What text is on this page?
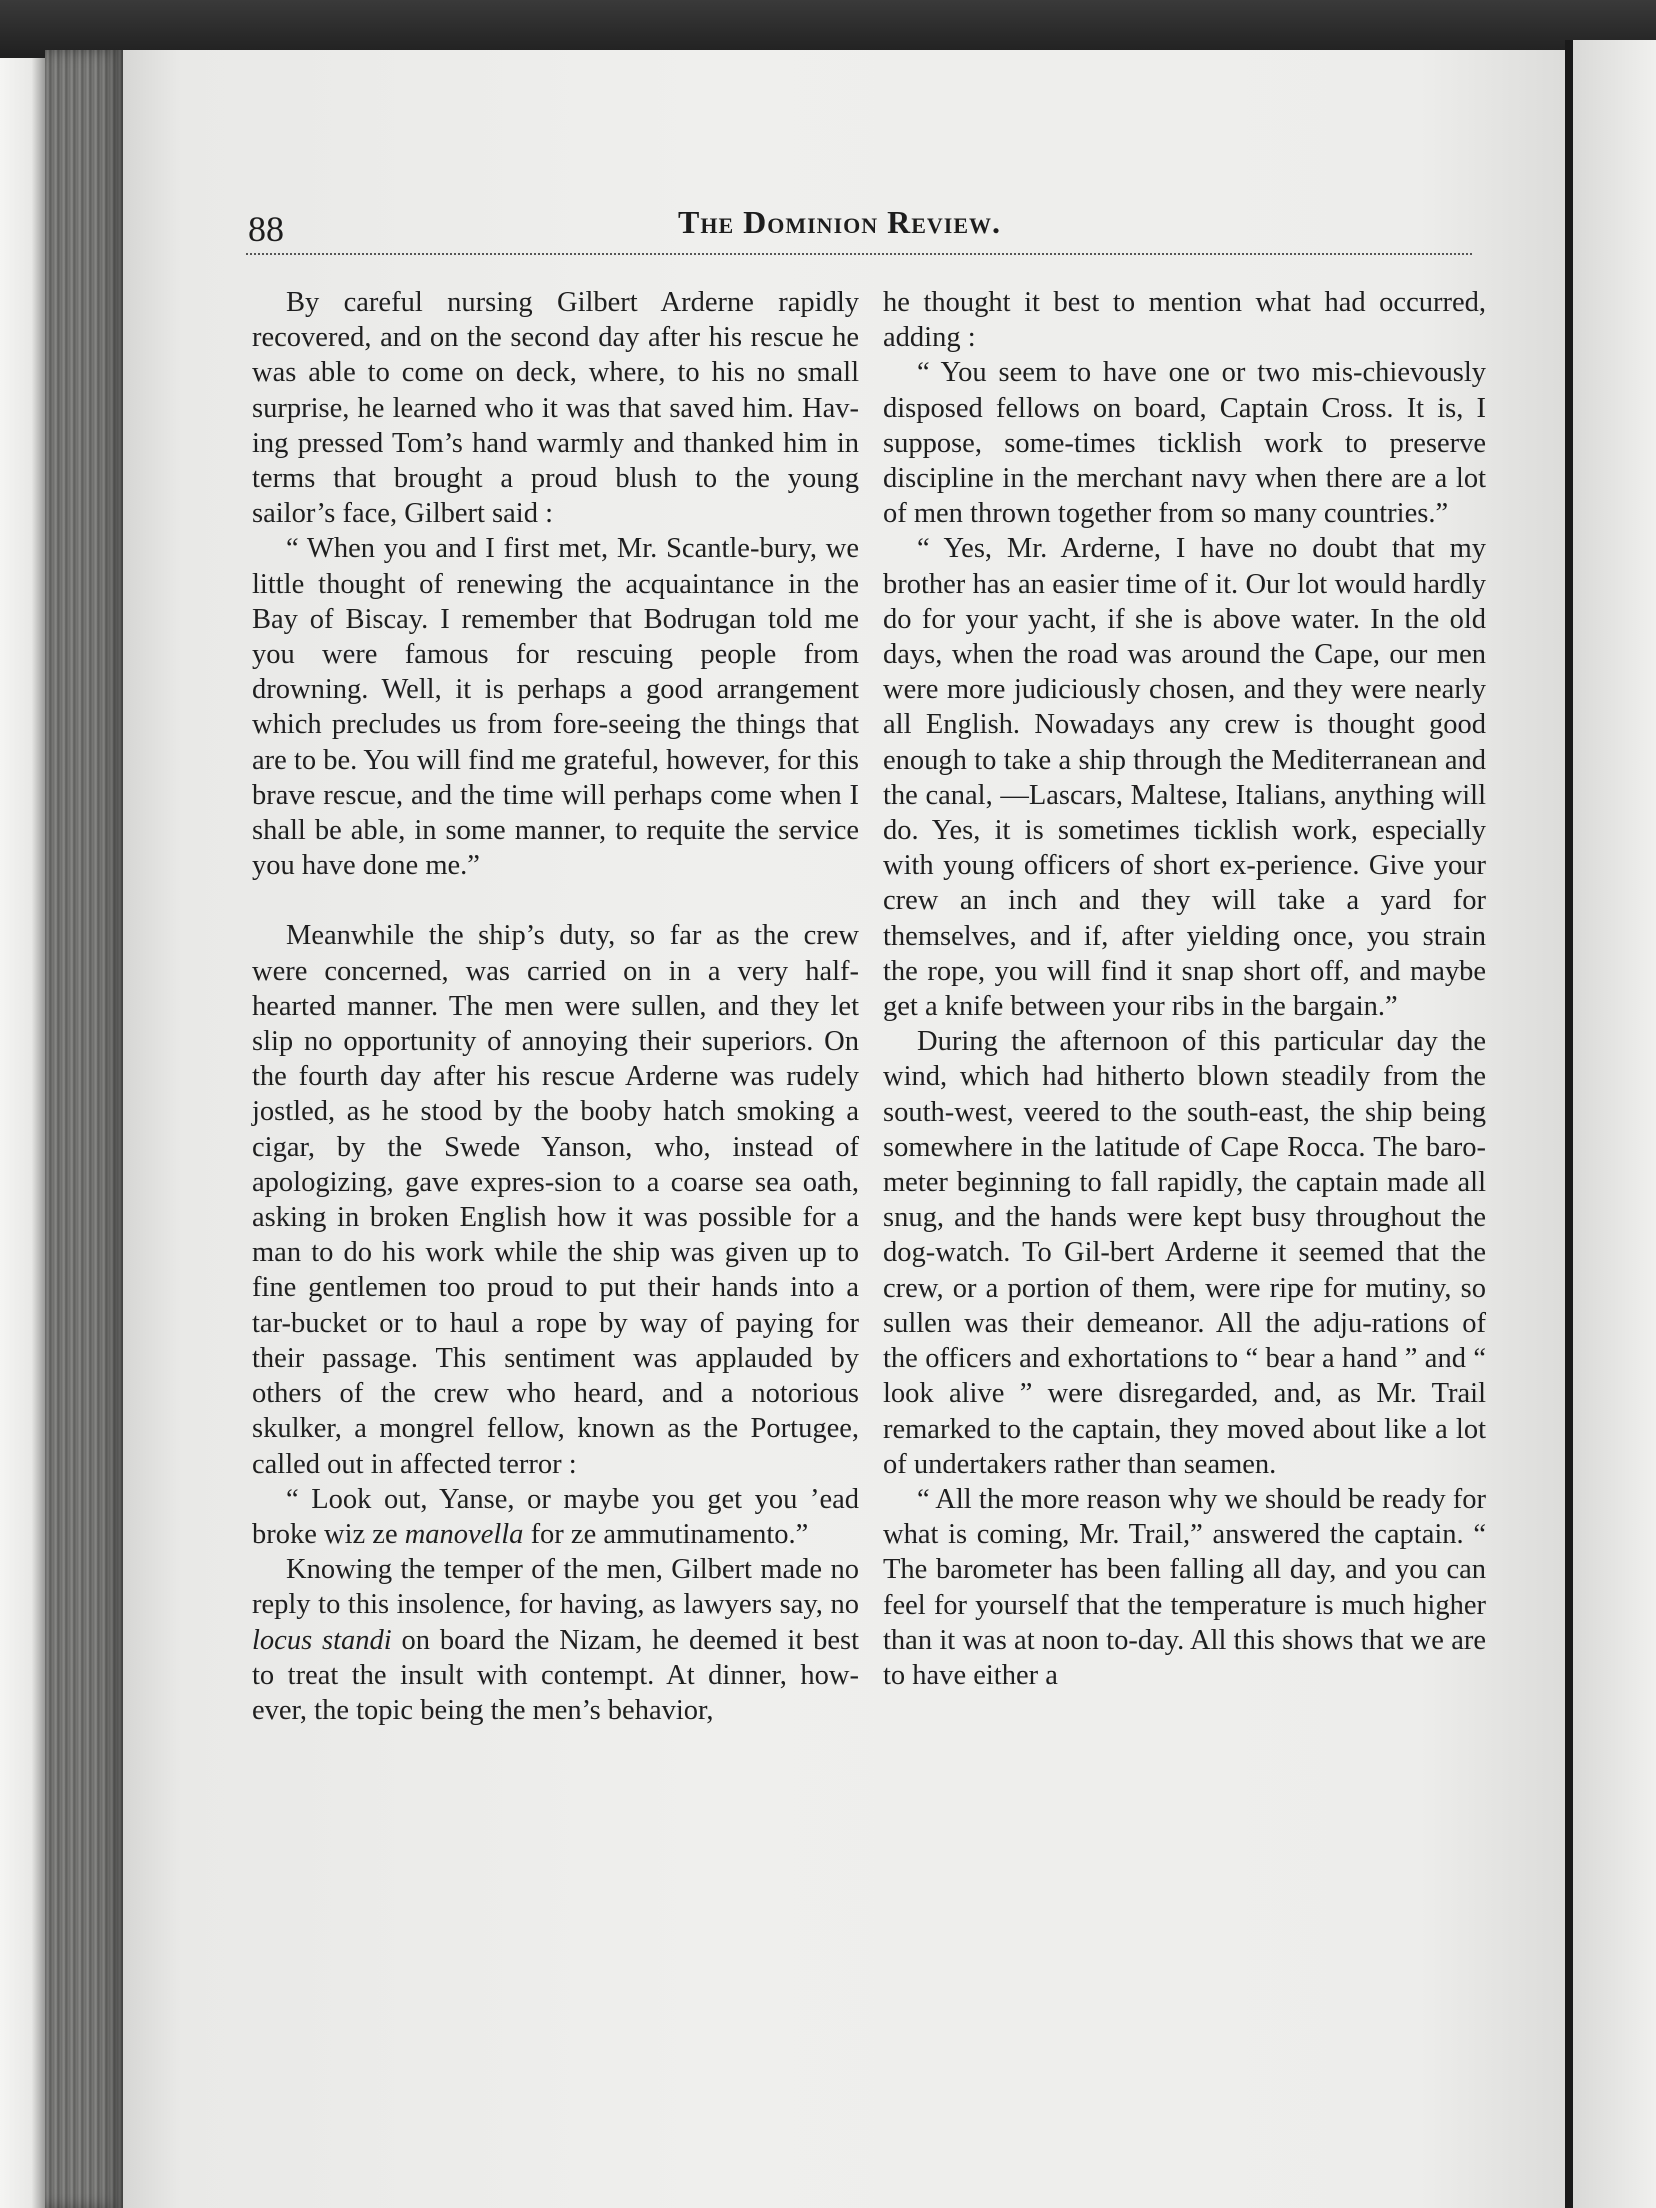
88	The Dominion Review.

By careful nursing Gilbert Arderne rapidly recovered, and on the second day after his rescue he was able to come on deck, where, to his no small surprise, he learned who it was that saved him. Hav-ing pressed Tom’s hand warmly and thanked him in terms that brought a proud blush to the young sailor’s face, Gilbert said :

“ When you and I first met, Mr. Scantle-bury, we little thought of renewing the acquaintance in the Bay of Biscay. I remember that Bodrugan told me you were famous for rescuing people from drowning. Well, it is perhaps a good arrangement which precludes us from fore-seeing the things that are to be. You will find me grateful, however, for this brave rescue, and the time will perhaps come when I shall be able, in some manner, to requite the service you have done me.”

Meanwhile the ship’s duty, so far as the crew were concerned, was carried on in a very half-hearted manner. The men were sullen, and they let slip no opportunity of annoying their superiors. On the fourth day after his rescue Arderne was rudely jostled, as he stood by the booby hatch smoking a cigar, by the Swede Yanson, who, instead of apologizing, gave expres-sion to a coarse sea oath, asking in broken English how it was possible for a man to do his work while the ship was given up to fine gentlemen too proud to put their hands into a tar-bucket or to haul a rope by way of paying for their passage. This sentiment was applauded by others of the crew who heard, and a notorious skulker, a mongrel fellow, known as the Portugee, called out in affected terror :

“ Look out, Yanse, or maybe you get you ’ead broke wiz ze manovella for ze ammutinamento.”

Knowing the temper of the men, Gilbert made no reply to this insolence, for having, as lawyers say, no locus standi on board the Nizam, he deemed it best to treat the insult with contempt. At dinner, how-ever, the topic being the men’s behavior,

he thought it best to mention what had occurred, adding :

“ You seem to have one or two mis-chievously disposed fellows on board, Captain Cross. It is, I suppose, some-times ticklish work to preserve discipline in the merchant navy when there are a lot of men thrown together from so many countries.”

“ Yes, Mr. Arderne, I have no doubt that my brother has an easier time of it. Our lot would hardly do for your yacht, if she is above water. In the old days, when the road was around the Cape, our men were more judiciously chosen, and they were nearly all English. Nowadays any crew is thought good enough to take a ship through the Mediterranean and the canal, —Lascars, Maltese, Italians, anything will do. Yes, it is sometimes ticklish work, especially with young officers of short ex-perience. Give your crew an inch and they will take a yard for themselves, and if, after yielding once, you strain the rope, you will find it snap short off, and maybe get a knife between your ribs in the bargain.”

During the afternoon of this particular day the wind, which had hitherto blown steadily from the south-west, veered to the south-east, the ship being somewhere in the latitude of Cape Rocca. The baro-meter beginning to fall rapidly, the captain made all snug, and the hands were kept busy throughout the dog-watch. To Gil-bert Arderne it seemed that the crew, or a portion of them, were ripe for mutiny, so sullen was their demeanor. All the adju-rations of the officers and exhortations to “ bear a hand ” and “ look alive ” were disregarded, and, as Mr. Trail remarked to the captain, they moved about like a lot of undertakers rather than seamen.

“ All the more reason why we should be ready for what is coming, Mr. Trail,” answered the captain. “ The barometer has been falling all day, and you can feel for yourself that the temperature is much higher than it was at noon to-day. All this shows that we are to have either a
